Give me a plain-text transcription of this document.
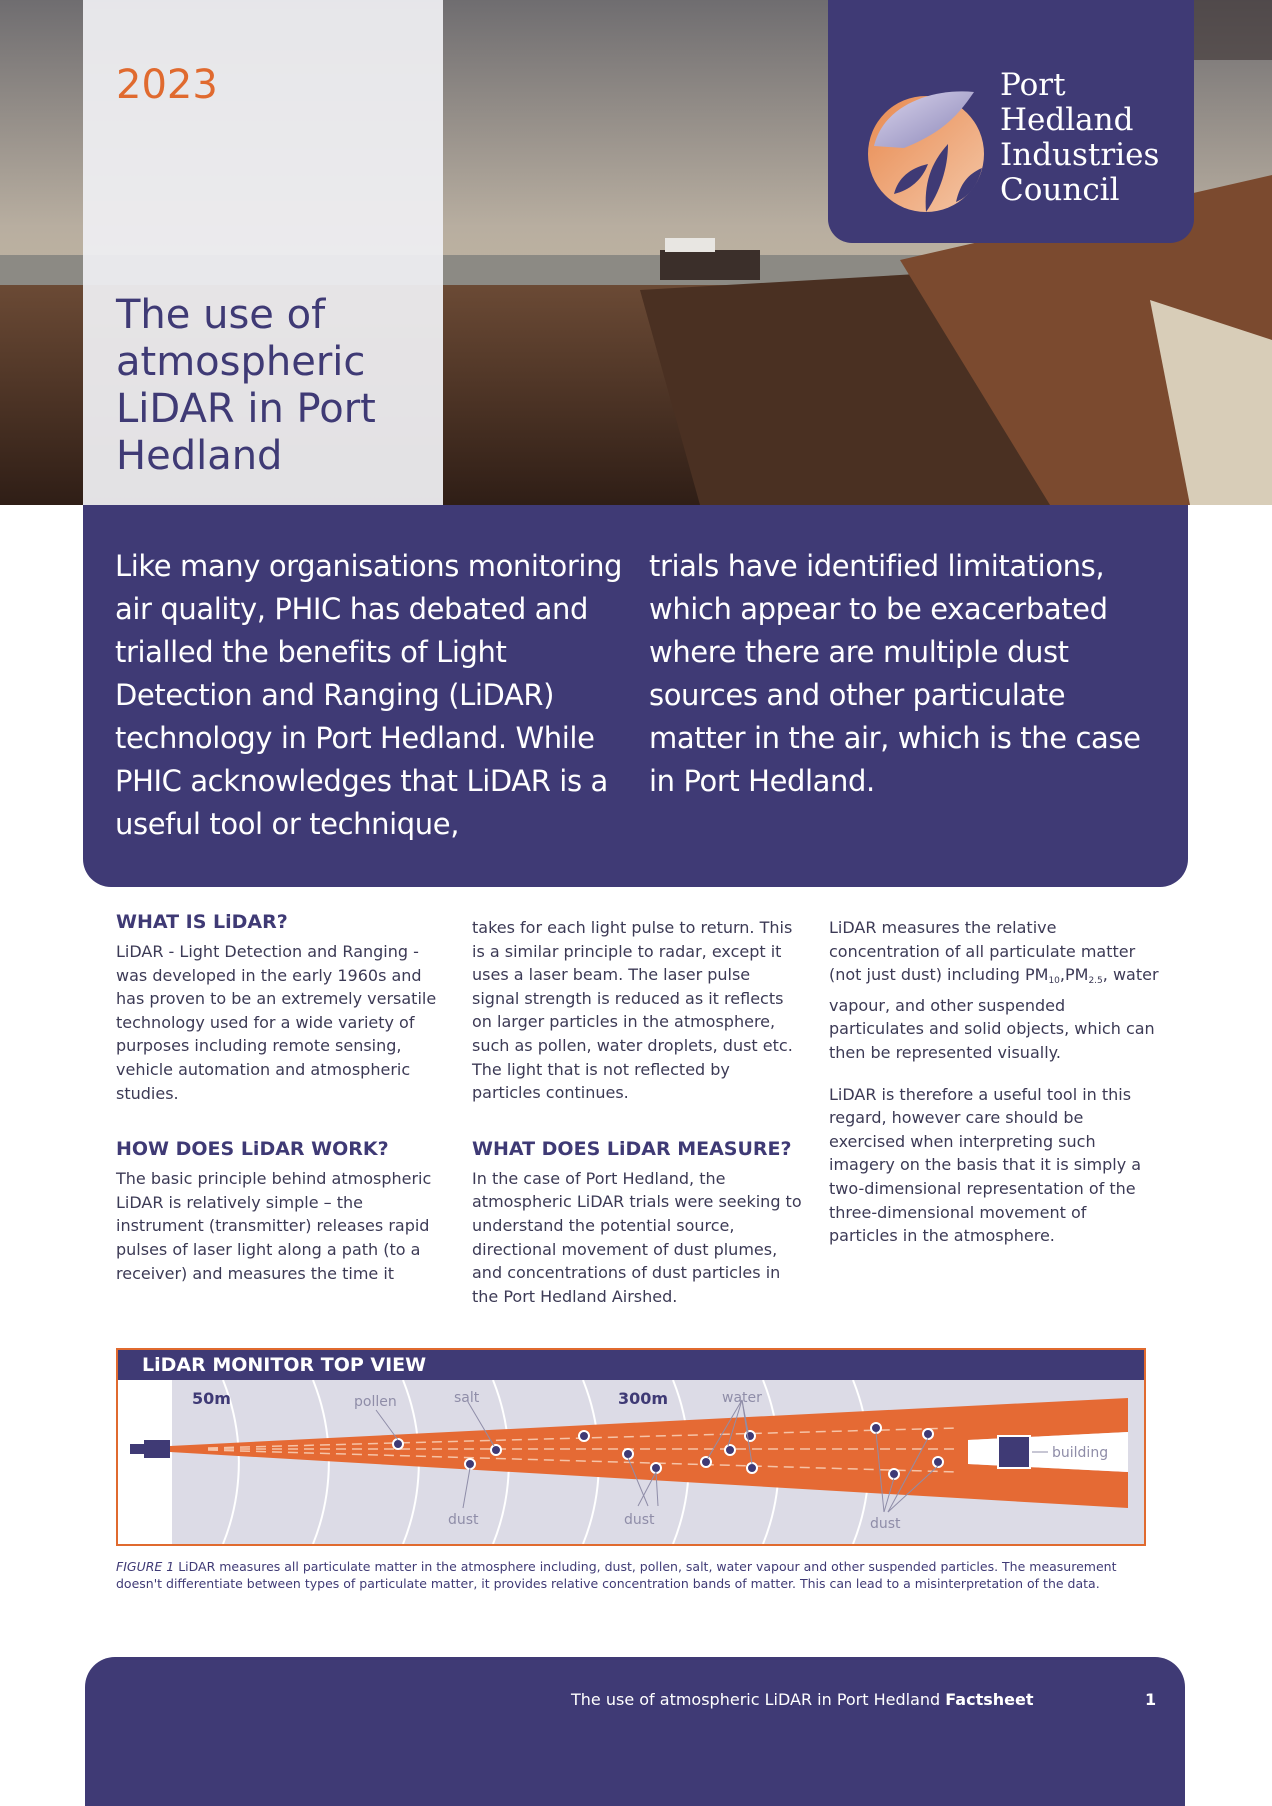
2023
The use of atmospheric LiDAR in Port Hedland
Port
Hedland
Industries
Council

Like many organisations monitoring air quality, PHIC has debated and trialled the benefits of Light Detection and Ranging (LiDAR) technology in Port Hedland. While PHIC acknowledges that LiDAR is a useful tool or technique,

trials have identified limitations, which appear to be exacerbated where there are multiple dust sources and other particulate matter in the air, which is the case in Port Hedland.

WHAT IS LiDAR?

LiDAR - Light Detection and Ranging - was developed in the early 1960s and has proven to be an extremely versatile technology used for a wide variety of purposes including remote sensing, vehicle automation and atmospheric studies.

HOW DOES LiDAR WORK?

The basic principle behind atmospheric LiDAR is relatively simple – the instrument (transmitter) releases rapid pulses of laser light along a path (to a receiver) and measures the time it

takes for each light pulse to return. This is a similar principle to radar, except it uses a laser beam. The laser pulse signal strength is reduced as it reflects on larger particles in the atmosphere, such as pollen, water droplets, dust etc. The light that is not reflected by particles continues.

WHAT DOES LiDAR MEASURE?

In the case of Port Hedland, the atmospheric LiDAR trials were seeking to understand the potential source, directional movement of dust plumes, and concentrations of dust particles in the Port Hedland Airshed.

LiDAR measures the relative concentration of all particulate matter (not just dust) including $PM_{10},PM_{2.5}$, water vapour, and other suspended particulates and solid objects, which can then be represented visually.

LiDAR is therefore a useful tool in this regard, however care should be exercised when interpreting such imagery on the basis that it is simply a two-dimensional representation of the three-dimensional movement of particles in the atmosphere.

LiDAR MONITOR TOP VIEW
building
pollen	salt	water
dust	dust	dust
50m	300m

FIGURE 1 LiDAR measures all particulate matter in the atmosphere including, dust, pollen, salt, water vapour and other suspended particles. The measurement doesn't differentiate between types of particulate matter, it provides relative concentration bands of matter. This can lead to a misinterpretation of the data.

The use of atmospheric LiDAR in Port Hedland Factsheet	1
